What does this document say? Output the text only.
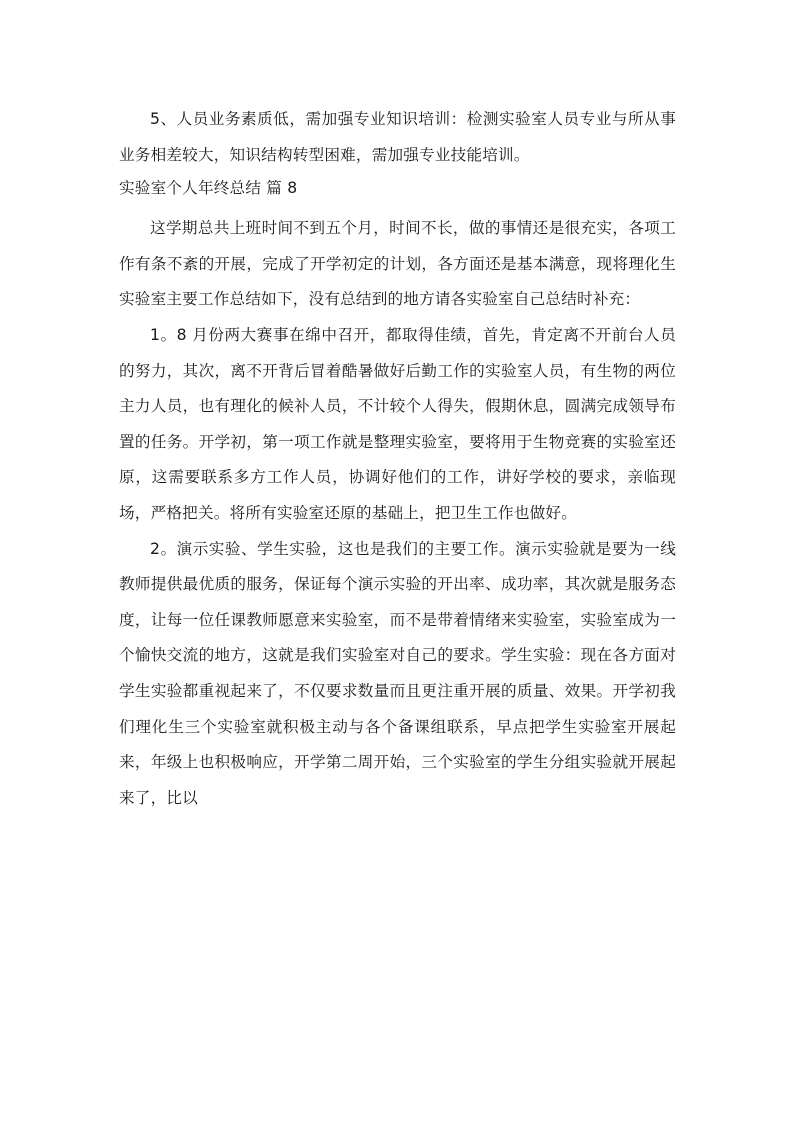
5、人员业务素质低，需加强专业知识培训：检测实验室人员专业与所从事业务相差较大，知识结构转型困难，需加强专业技能培训。

实验室个人年终总结 篇 8

这学期总共上班时间不到五个月，时间不长，做的事情还是很充实，各项工作有条不紊的开展，完成了开学初定的计划，各方面还是基本满意，现将理化生实验室主要工作总结如下，没有总结到的地方请各实验室自己总结时补充：

1。8 月份两大赛事在绵中召开，都取得佳绩，首先，肯定离不开前台人员的努力，其次，离不开背后冒着酷暑做好后勤工作的实验室人员，有生物的两位主力人员，也有理化的候补人员，不计较个人得失，假期休息，圆满完成领导布置的任务。开学初，第一项工作就是整理实验室，要将用于生物竞赛的实验室还原，这需要联系多方工作人员，协调好他们的工作，讲好学校的要求，亲临现场，严格把关。将所有实验室还原的基础上，把卫生工作也做好。

2。演示实验、学生实验，这也是我们的主要工作。演示实验就是要为一线教师提供最优质的服务，保证每个演示实验的开出率、成功率，其次就是服务态度，让每一位任课教师愿意来实验室，而不是带着情绪来实验室，实验室成为一个愉快交流的地方，这就是我们实验室对自己的要求。学生实验：现在各方面对学生实验都重视起来了，不仅要求数量而且更注重开展的质量、效果。开学初我们理化生三个实验室就积极主动与各个备课组联系，早点把学生实验室开展起来，年级上也积极响应，开学第二周开始，三个实验室的学生分组实验就开展起来了，比以
